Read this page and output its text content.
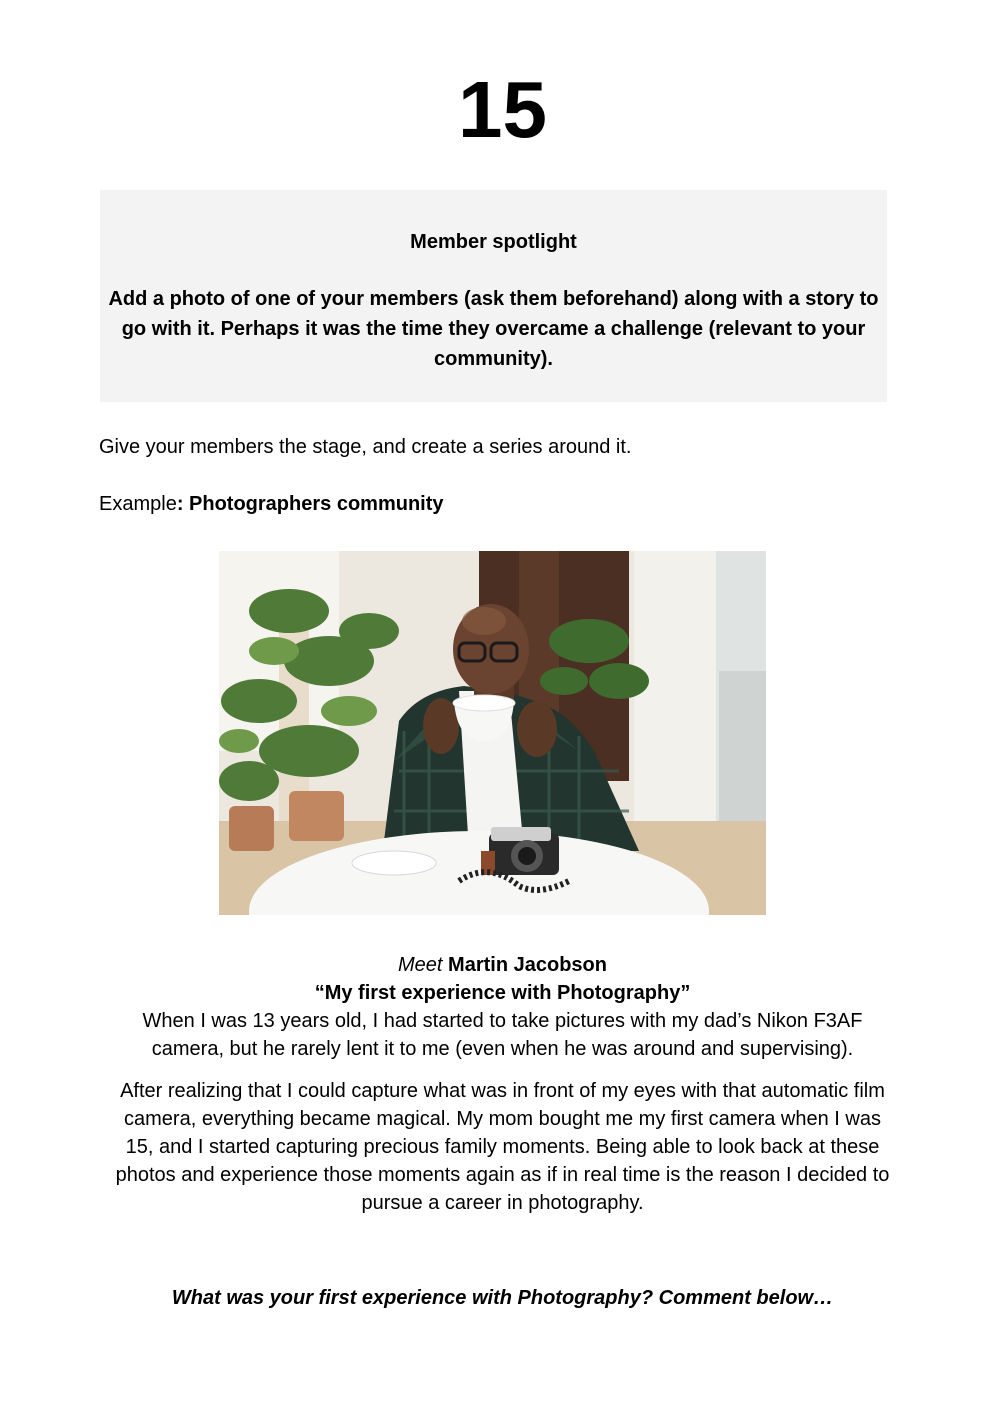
15
Member spotlight
Add a photo of one of your members (ask them beforehand) along with a story to go with it. Perhaps it was the time they overcame a challenge (relevant to your community).
Give your members the stage, and create a series around it.
Example: Photographers community

Meet Martin Jacobson

“My first experience with Photography”

When I was 13 years old, I had started to take pictures with my dad’s Nikon F3AF camera, but he rarely lent it to me (even when he was around and supervising).

After realizing that I could capture what was in front of my eyes with that automatic film camera, everything became magical. My mom bought me my first camera when I was 15, and I started capturing precious family moments. Being able to look back at these photos and experience those moments again as if in real time is the reason I decided to pursue a career in photography.

What was your first experience with Photography? Comment below…
